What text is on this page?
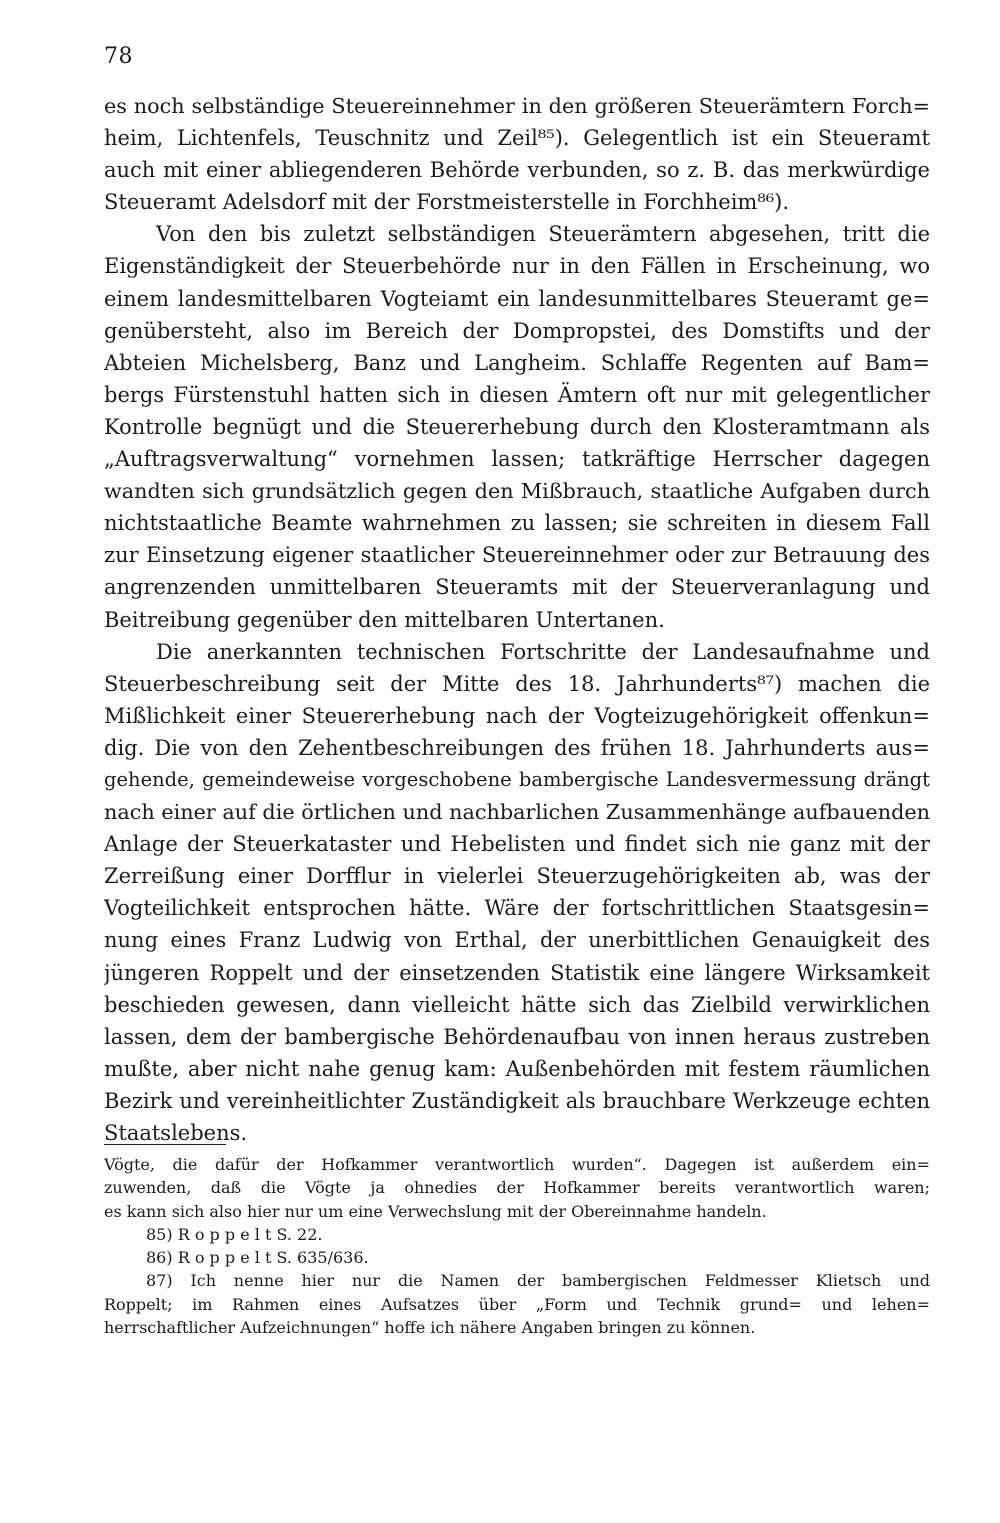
78
es noch selbständige Steuereinnehmer in den größeren Steuerämtern Forch=
heim, Lichtenfels, Teuschnitz und Zeil⁸⁵). Gelegentlich ist ein Steueramt
auch mit einer abliegenderen Behörde verbunden, so z. B. das merkwürdige
Steueramt Adelsdorf mit der Forstmeisterstelle in Forchheim⁸⁶).
Von den bis zuletzt selbständigen Steuerämtern abgesehen, tritt die
Eigenständigkeit der Steuerbehörde nur in den Fällen in Erscheinung, wo
einem landesmittelbaren Vogteiamt ein landesunmittelbares Steueramt ge=
genübersteht, also im Bereich der Dompropstei, des Domstifts und der
Abteien Michelsberg, Banz und Langheim. Schlaffe Regenten auf Bam=
bergs Fürstenstuhl hatten sich in diesen Ämtern oft nur mit gelegentlicher
Kontrolle begnügt und die Steuererhebung durch den Klosteramtmann als
„Auftragsverwaltung“ vornehmen lassen; tatkräftige Herrscher dagegen
wandten sich grundsätzlich gegen den Mißbrauch, staatliche Aufgaben durch
nichtstaatliche Beamte wahrnehmen zu lassen; sie schreiten in diesem Fall
zur Einsetzung eigener staatlicher Steuereinnehmer oder zur Betrauung des
angrenzenden unmittelbaren Steueramts mit der Steuerveranlagung und
Beitreibung gegenüber den mittelbaren Untertanen.
Die anerkannten technischen Fortschritte der Landesaufnahme und
Steuerbeschreibung seit der Mitte des 18. Jahrhunderts⁸⁷) machen die
Mißlichkeit einer Steuererhebung nach der Vogteizugehörigkeit offenkun=
dig. Die von den Zehentbeschreibungen des frühen 18. Jahrhunderts aus=
gehende, gemeindeweise vorgeschobene bambergische Landesvermessung drängt
nach einer auf die örtlichen und nachbarlichen Zusammenhänge aufbauenden
Anlage der Steuerkataster und Hebelisten und findet sich nie ganz mit der
Zerreißung einer Dorfflur in vielerlei Steuerzugehörigkeiten ab, was der
Vogteilichkeit entsprochen hätte. Wäre der fortschrittlichen Staatsgesin=
nung eines Franz Ludwig von Erthal, der unerbittlichen Genauigkeit des
jüngeren Roppelt und der einsetzenden Statistik eine längere Wirksamkeit
beschieden gewesen, dann vielleicht hätte sich das Zielbild verwirklichen
lassen, dem der bambergische Behördenaufbau von innen heraus zustreben
mußte, aber nicht nahe genug kam: Außenbehörden mit festem räumlichen
Bezirk und vereinheitlichter Zuständigkeit als brauchbare Werkzeuge echten
Staatslebens.
Vögte, die dafür der Hofkammer verantwortlich wurden“. Dagegen ist außerdem ein=
zuwenden, daß die Vögte ja ohnedies der Hofkammer bereits verantwortlich waren;
es kann sich also hier nur um eine Verwechslung mit der Obereinnahme handeln.
85) R o p p e l t S. 22.
86) R o p p e l t S. 635/636.
87) Ich nenne hier nur die Namen der bambergischen Feldmesser Klietsch und
Roppelt; im Rahmen eines Aufsatzes über „Form und Technik grund= und lehen=
herrschaftlicher Aufzeichnungen“ hoffe ich nähere Angaben bringen zu können.
